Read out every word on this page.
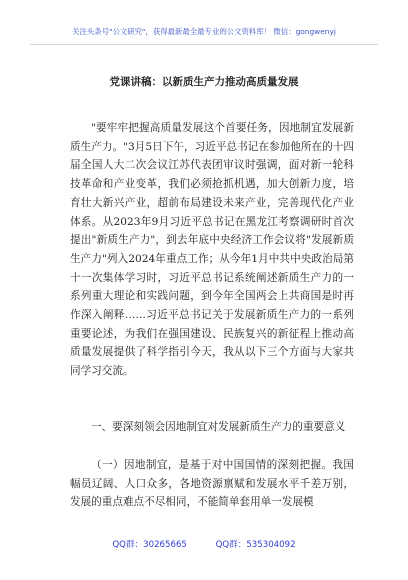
关注头条号"公文研究"，获得最新最全最专业的公文资料库！ 微信：gongwenyj
党课讲稿：以新质生产力推动高质量发展
"要牢牢把握高质量发展这个首要任务，因地制宜发展新质生产力。"3月5日下午，习近平总书记在参加他所在的十四届全国人大二次会议江苏代表团审议时强调，面对新一轮科技革命和产业变革，我们必须抢抓机遇，加大创新力度，培育壮大新兴产业，超前布局建设未来产业，完善现代化产业体系。从2023年9月习近平总书记在黑龙江考察调研时首次提出"新质生产力"，到去年底中央经济工作会议将"发展新质生产力"列入2024年重点工作；从今年1月中共中央政治局第十一次集体学习时，习近平总书记系统阐述新质生产力的一系列重大理论和实践问题，到今年全国两会上共商国是时再作深入阐释……习近平总书记关于发展新质生产力的一系列重要论述，为我们在强国建设、民族复兴的新征程上推动高质量发展提供了科学指引今天，我从以下三个方面与大家共同学习交流。
一、要深刻领会因地制宜对发展新质生产力的重要意义
（一）因地制宜，是基于对中国国情的深刻把握。我国幅员辽阔、人口众多，各地资源禀赋和发展水平千差万别，发展的重点难点不尽相同，不能简单套用单一发展模
QQ群：30265665	QQ群：535304092
